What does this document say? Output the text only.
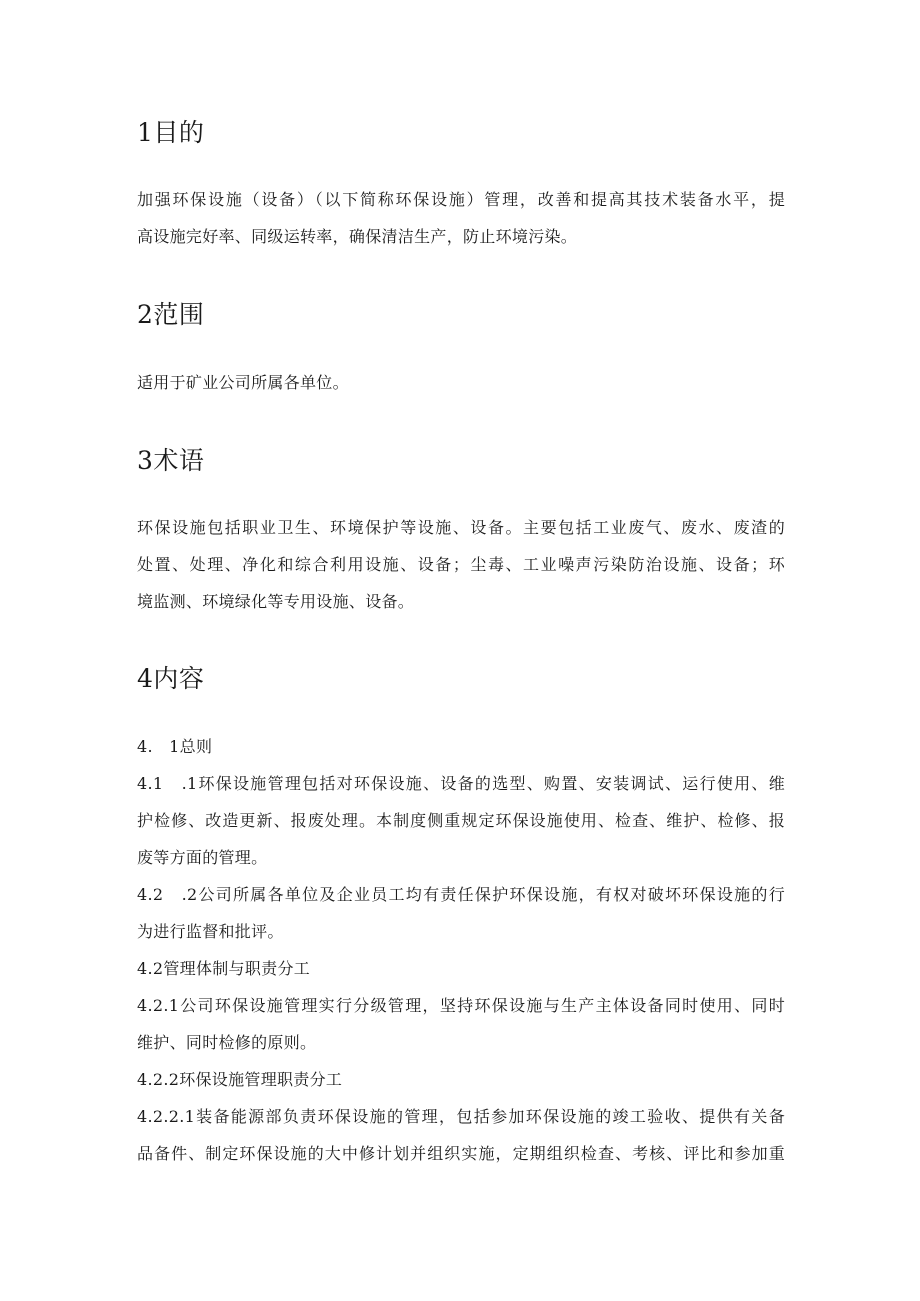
1目的
加强环保设施（设备）（以下简称环保设施）管理，改善和提高其技术装备水平，提
高设施完好率、同级运转率，确保清洁生产，防止环境污染。
2范围
适用于矿业公司所属各单位。
3术语
环保设施包括职业卫生、环境保护等设施、设备。主要包括工业废气、废水、废渣的
处置、处理、净化和综合利用设施、设备；尘毒、工业噪声污染防治设施、设备；环
境监测、环境绿化等专用设施、设备。
4内容
4.　1总则
4.1　.1环保设施管理包括对环保设施、设备的选型、购置、安装调试、运行使用、维
护检修、改造更新、报废处理。本制度侧重规定环保设施使用、检查、维护、检修、报
废等方面的管理。
4.2　.2公司所属各单位及企业员工均有责任保护环保设施，有权对破坏环保设施的行
为进行监督和批评。
4.2管理体制与职责分工
4.2.1公司环保设施管理实行分级管理，坚持环保设施与生产主体设备同时使用、同时
维护、同时检修的原则。
4.2.2环保设施管理职责分工
4.2.2.1装备能源部负责环保设施的管理，包括参加环保设施的竣工验收、提供有关备
品备件、制定环保设施的大中修计划并组织实施，定期组织检查、考核、评比和参加重
